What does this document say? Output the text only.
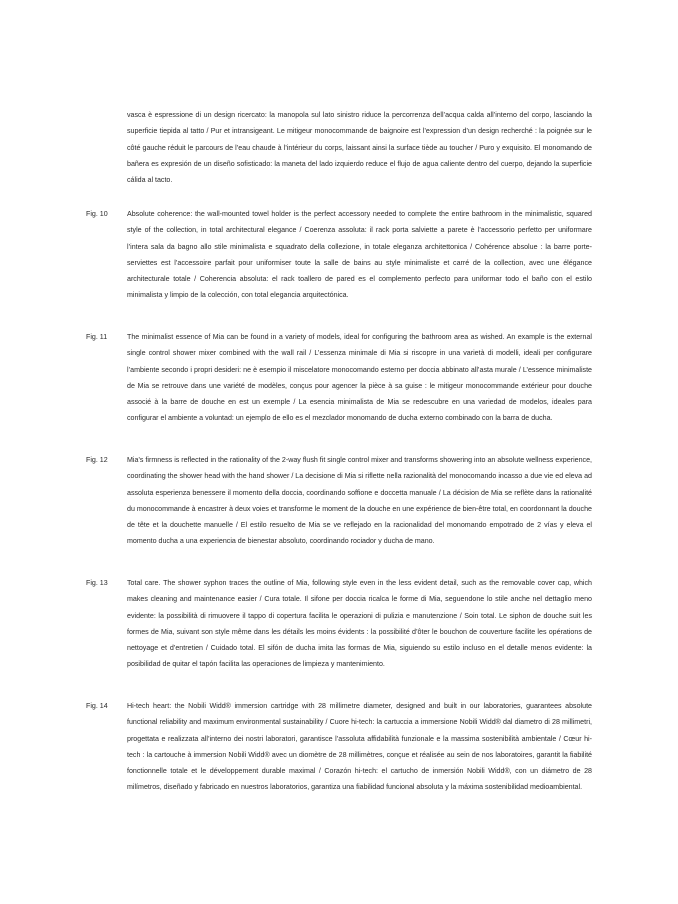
vasca è espressione di un design ricercato: la manopola sul lato sinistro riduce la percorrenza dell’acqua calda all’interno del corpo, lasciando la superficie tiepida al tatto / Pur et intransigeant. Le mitigeur monocommande de baignoire est l’expression d’un design recherché : la poignée sur le côté gauche réduit le parcours de l’eau chaude à l’intérieur du corps, laissant ainsi la surface tiède au toucher / Puro y exquisito. El monomando de bañera es expresión de un diseño sofisticado: la maneta del lado izquierdo reduce el flujo de agua caliente dentro del cuerpo, dejando la superficie cálida al tacto.

Fig. 10	Absolute coherence: the wall-mounted towel holder is the perfect accessory needed to complete the entire bathroom in the minimalistic, squared style of the collection, in total architectural elegance / Coerenza assoluta: il rack porta salviette a parete è l’accessorio perfetto per uniformare l’intera sala da bagno allo stile minimalista e squadrato della collezione, in totale eleganza architettonica / Cohérence absolue : la barre porte-serviettes est l’accessoire parfait pour uniformiser toute la salle de bains au style minimaliste et carré de la collection, avec une élégance architecturale totale / Coherencia absoluta: el rack toallero de pared es el complemento perfecto para uniformar todo el baño con el estilo minimalista y limpio de la colección, con total elegancia arquitectónica.

Fig. 11	The minimalist essence of Mia can be found in a variety of models, ideal for configuring the bathroom area as wished. An example is the external single control shower mixer combined with the wall rail / L’essenza minimale di Mia si riscopre in una varietà di modelli, ideali per configurare l’ambiente secondo i propri desideri: ne è esempio il miscelatore monocomando esterno per doccia abbinato all’asta murale / L’essence minimaliste de Mia se retrouve dans une variété de modèles, conçus pour agencer la pièce à sa guise : le mitigeur monocommande extérieur pour douche associé à la barre de douche en est un exemple / La esencia minimalista de Mia se redescubre en una variedad de modelos, ideales para configurar el ambiente a voluntad: un ejemplo de ello es el mezclador monomando de ducha externo combinado con la barra de ducha.

Fig. 12	Mia’s firmness is reflected in the rationality of the 2-way flush fit single control mixer and transforms showering into an absolute wellness experience, coordinating the shower head with the hand shower / La decisione di Mia si riflette nella razionalità del monocomando incasso a due vie ed eleva ad assoluta esperienza benessere il momento della doccia, coordinando soffione e doccetta manuale / La décision de Mia se reflète dans la rationalité du monocommande à encastrer à deux voies et transforme le moment de la douche en une expérience de bien-être total, en coordonnant la douche de tête et la douchette manuelle / El estilo resuelto de Mia se ve reflejado en la racionalidad del monomando empotrado de 2 vías y eleva el momento ducha a una experiencia de bienestar absoluto, coordinando rociador y ducha de mano.

Fig. 13	Total care. The shower syphon traces the outline of Mia, following style even in the less evident detail, such as the removable cover cap, which makes cleaning and maintenance easier / Cura totale. Il sifone per doccia ricalca le forme di Mia, seguendone lo stile anche nel dettaglio meno evidente: la possibilità di rimuovere il tappo di copertura facilita le operazioni di pulizia e manutenzione / Soin total. Le siphon de douche suit les formes de Mia, suivant son style même dans les détails les moins évidents : la possibilité d’ôter le bouchon de couverture facilite les opérations de nettoyage et d’entretien / Cuidado total. El sifón de ducha imita las formas de Mia, siguiendo su estilo incluso en el detalle menos evidente: la posibilidad de quitar el tapón facilita las operaciones de limpieza y mantenimiento.

Fig. 14	Hi-tech heart: the Nobili Widd® immersion cartridge with 28 millimetre diameter, designed and built in our laboratories, guarantees absolute functional reliability and maximum environmental sustainability / Cuore hi-tech: la cartuccia a immersione Nobili Widd® dal diametro di 28 millimetri, progettata e realizzata all’interno dei nostri laboratori, garantisce l’assoluta affidabilità funzionale e la massima sostenibilità ambientale / Cœur hi-tech : la cartouche à immersion Nobili Widd® avec un diomètre de 28 millimètres, conçue et réalisée au sein de nos laboratoires, garantit la fiabilité fonctionnelle totale et le développement durable maximal / Corazón hi-tech: el cartucho de inmersión Nobili Widd®, con un diámetro de 28 milímetros, diseñado y fabricado en nuestros laboratorios, garantiza una fiabilidad funcional absoluta y la máxima sostenibilidad medioambiental.
